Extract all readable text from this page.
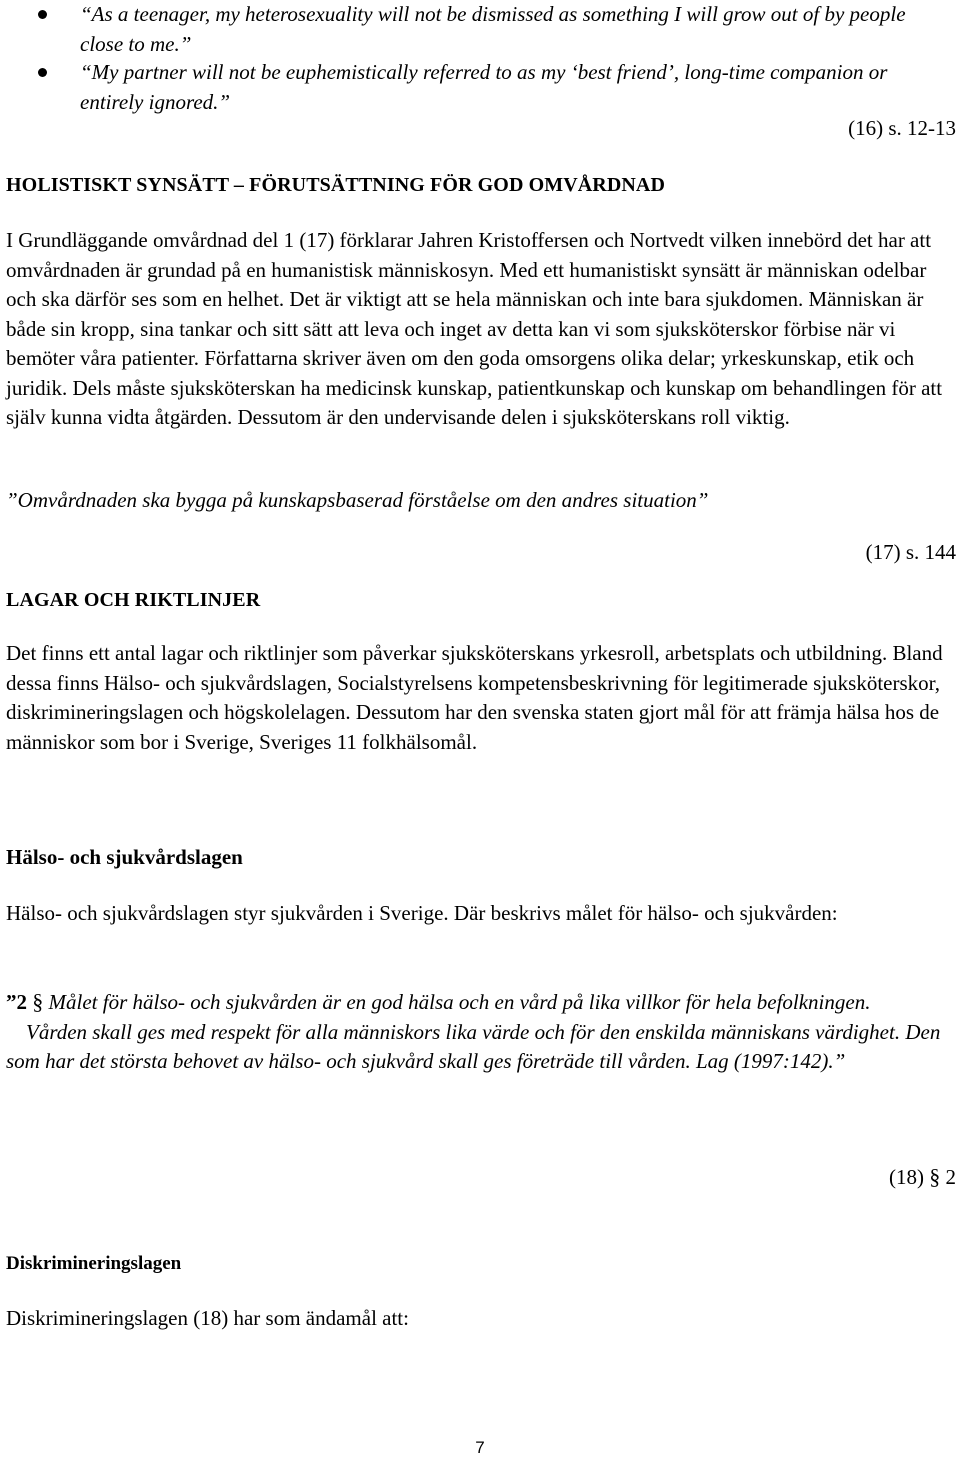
“As a teenager, my heterosexuality will not be dismissed as something I will grow out of by people close to me.”
“My partner will not be euphemistically referred to as my ‘best friend’, long-time companion or entirely ignored.”
(16) s. 12-13
HOLISTISKT SYNSÄTT – FÖRUTSÄTTNING FÖR GOD OMVÅRDNAD

I Grundläggande omvårdnad del 1 (17) förklarar Jahren Kristoffersen och Nortvedt vilken innebörd det har att omvårdnaden är grundad på en humanistisk människosyn. Med ett humanistiskt synsätt är människan odelbar och ska därför ses som en helhet. Det är viktigt att se hela människan och inte bara sjukdomen. Människan är både sin kropp, sina tankar och sitt sätt att leva och inget av detta kan vi som sjuksköterskor förbise när vi bemöter våra patienter. Författarna skriver även om den goda omsorgens olika delar; yrkeskunskap, etik och juridik. Dels måste sjuksköterskan ha medicinsk kunskap, patientkunskap och kunskap om behandlingen för att själv kunna vidta åtgärden. Dessutom är den undervisande delen i sjuksköterskans roll viktig.

”Omvårdnaden ska bygga på kunskapsbaserad förståelse om den andres situation”

(17) s. 144
LAGAR OCH RIKTLINJER

Det finns ett antal lagar och riktlinjer som påverkar sjuksköterskans yrkesroll, arbetsplats och utbildning. Bland dessa finns Hälso- och sjukvårdslagen, Socialstyrelsens kompetensbeskrivning för legitimerade sjuksköterskor, diskrimineringslagen och högskolelagen. Dessutom har den svenska staten gjort mål för att främja hälsa hos de människor som bor i Sverige, Sveriges 11 folkhälsomål.

Hälso- och sjukvårdslagen

Hälso- och sjukvårdslagen styr sjukvården i Sverige. Där beskrivs målet för hälso- och sjukvården:

”2 § Målet för hälso- och sjukvården är en god hälsa och en vård på lika villkor för hela befolkningen.

Vården skall ges med respekt för alla människors lika värde och för den enskilda människans värdighet. Den som har det största behovet av hälso- och sjukvård skall ges företräde till vården. Lag (1997:142).”

(18) § 2
Diskrimineringslagen

Diskrimineringslagen (18) har som ändamål att:

7
